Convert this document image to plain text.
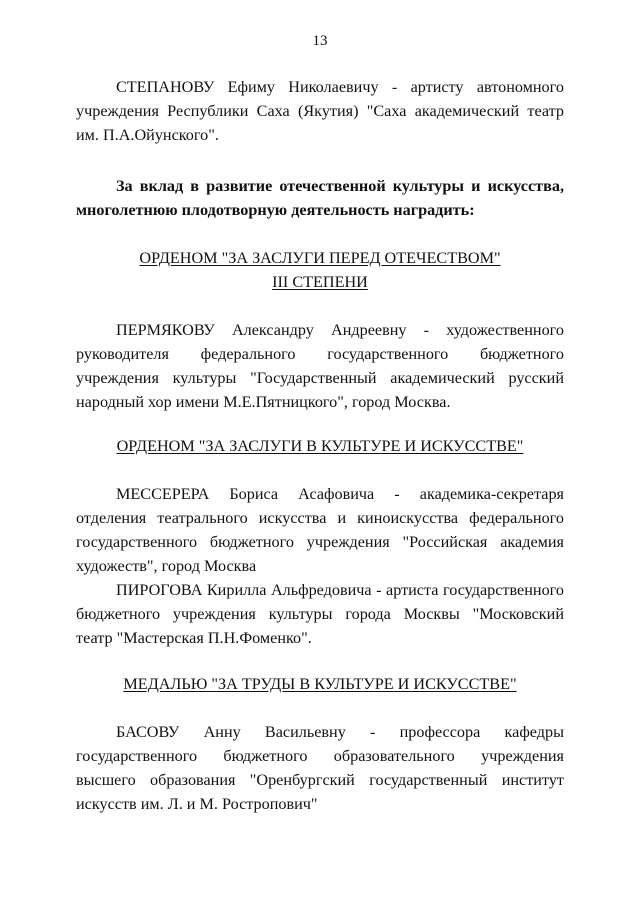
13
СТЕПАНОВУ Ефиму Николаевичу - артисту автономного
учреждения Республики Саха (Якутия) "Саха академический театр
им. П.А.Ойунского".
За вклад в развитие отечественной культуры и искусства,
многолетнюю плодотворную деятельность наградить:
ОРДЕНОМ "ЗА ЗАСЛУГИ ПЕРЕД ОТЕЧЕСТВОМ"
III СТЕПЕНИ
ПЕРМЯКОВУ Александру Андреевну - художественного
руководителя федерального государственного бюджетного
учреждения культуры "Государственный академический русский
народный хор имени М.Е.Пятницкого", город Москва.
ОРДЕНОМ "ЗА ЗАСЛУГИ В КУЛЬТУРЕ И ИСКУССТВЕ"
МЕССЕРЕРА Бориса Асафовича - академика-секретаря
отделения театрального искусства и киноискусства федерального
государственного бюджетного учреждения "Российская академия
художеств", город Москва
ПИРОГОВА Кирилла Альфредовича - артиста государственного
бюджетного учреждения культуры города Москвы "Московский
театр "Мастерская П.Н.Фоменко".
МЕДАЛЬЮ "ЗА ТРУДЫ В КУЛЬТУРЕ И ИСКУССТВЕ"
БАСОВУ Анну Васильевну - профессора кафедры
государственного бюджетного образовательного учреждения
высшего образования "Оренбургский государственный институт
искусств им. Л. и М. Ростропович"
